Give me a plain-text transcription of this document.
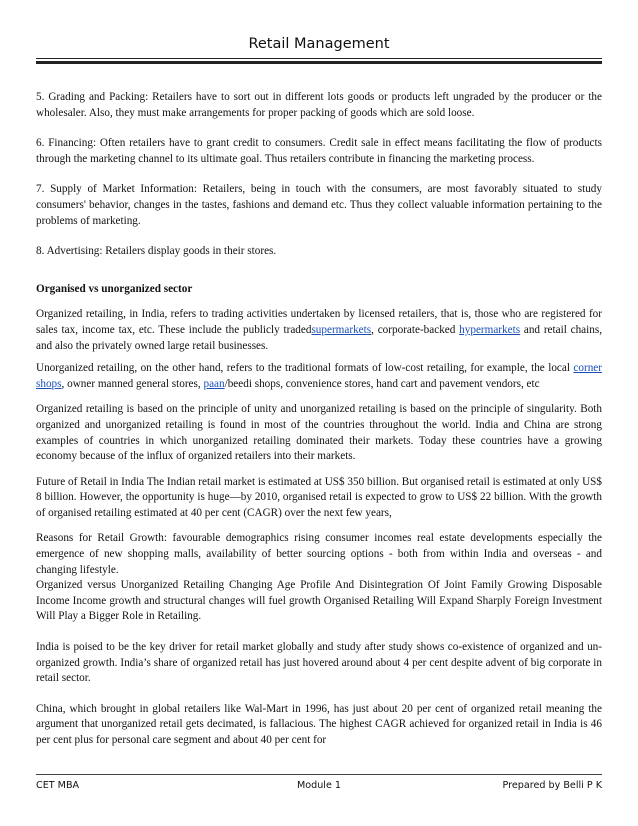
Retail Management

5. Grading and Packing: Retailers have to sort out in different lots goods or products left ungraded by the producer or the wholesaler. Also, they must make arrangements for proper packing of goods which are sold loose.

6. Financing: Often retailers have to grant credit to consumers. Credit sale in effect means facilitating the flow of products through the marketing channel to its ultimate goal. Thus retailers contribute in financing the marketing process.

7. Supply of Market Information: Retailers, being in touch with the consumers, are most favorably situated to study consumers' behavior, changes in the tastes, fashions and demand etc. Thus they collect valuable information pertaining to the problems of marketing.

8. Advertising: Retailers display goods in their stores.

Organised vs unorganized sector

Organized retailing, in India, refers to trading activities undertaken by licensed retailers, that is, those who are registered for sales tax, income tax, etc. These include the publicly tradedsupermarkets, corporate-backed hypermarkets and retail chains, and also the privately owned large retail businesses.

Unorganized retailing, on the other hand, refers to the traditional formats of low-cost retailing, for example, the local corner shops, owner manned general stores, paan/beedi shops, convenience stores, hand cart and pavement vendors, etc

Organized retailing is based on the principle of unity and unorganized retailing is based on the principle of singularity. Both organized and unorganized retailing is found in most of the countries throughout the world. India and China are strong examples of countries in which unorganized retailing dominated their markets. Today these countries have a growing economy because of the influx of organized retailers into their markets.

Future of Retail in India The Indian retail market is estimated at US$ 350 billion. But organised retail is estimated at only US$ 8 billion. However, the opportunity is huge—by 2010, organised retail is expected to grow to US$ 22 billion. With the growth of organised retailing estimated at 40 per cent (CAGR) over the next few years,

Reasons for Retail Growth: favourable demographics rising consumer incomes real estate developments especially the emergence of new shopping malls, availability of better sourcing options - both from within India and overseas - and changing lifestyle.

Organized versus Unorganized Retailing Changing Age Profile And Disintegration Of Joint Family Growing Disposable Income Income growth and structural changes will fuel growth Organised Retailing Will Expand Sharply Foreign Investment Will Play a Bigger Role in Retailing.

India is poised to be the key driver for retail market globally and study after study shows co-existence of organized and un-organized growth. India’s share of organized retail has just hovered around about 4 per cent despite advent of big corporate in retail sector.

China, which brought in global retailers like Wal-Mart in 1996, has just about 20 per cent of organized retail meaning the argument that unorganized retail gets decimated, is fallacious. The highest CAGR achieved for organized retail in India is 46 per cent plus for personal care segment and about 40 per cent for

CET MBA	Module 1	Prepared by Belli P K
